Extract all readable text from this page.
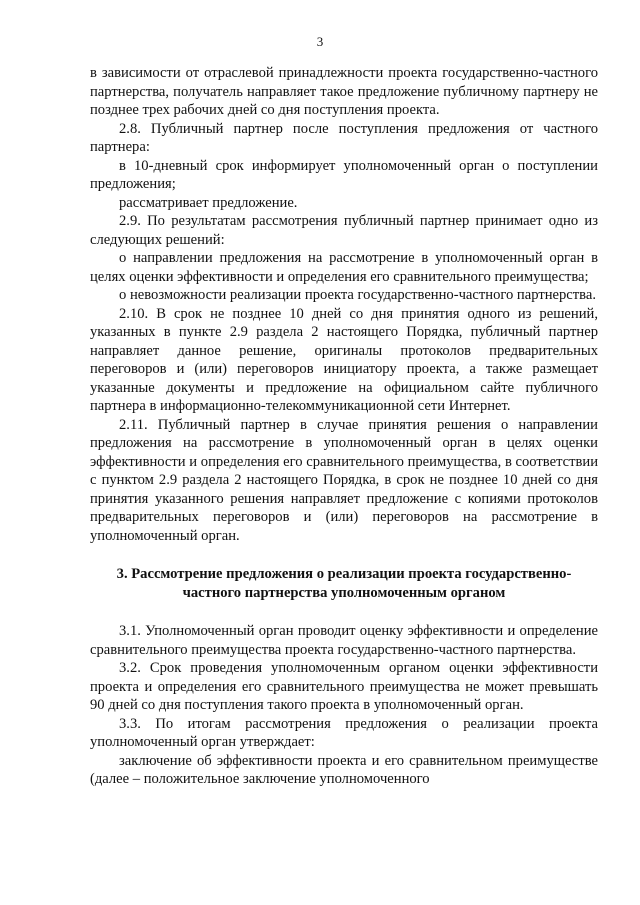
3

в зависимости от отраслевой принадлежности проекта государственно-частного партнерства, получатель направляет такое предложение публичному партнеру не позднее трех рабочих дней со дня поступления проекта.

2.8. Публичный партнер после поступления предложения от частного партнера:

в 10-дневный срок информирует уполномоченный орган о поступлении предложения;

рассматривает предложение.

2.9. По результатам рассмотрения публичный партнер принимает одно из следующих решений:

о направлении предложения на рассмотрение в уполномоченный орган в целях оценки эффективности и определения его сравнительного преимущества;

о невозможности реализации проекта государственно-частного партнерства.

2.10. В срок не позднее 10 дней со дня принятия одного из решений, указанных в пункте 2.9 раздела 2 настоящего Порядка, публичный партнер направляет данное решение, оригиналы протоколов предварительных переговоров и (или) переговоров инициатору проекта, а также размещает указанные документы и предложение на официальном сайте публичного партнера в информационно-телекоммуникационной сети Интернет.

2.11. Публичный партнер в случае принятия решения о направлении предложения на рассмотрение в уполномоченный орган в целях оценки эффективности и определения его сравнительного преимущества, в соответствии с пунктом 2.9 раздела 2 настоящего Порядка, в срок не позднее 10 дней со дня принятия указанного решения направляет предложение с копиями протоколов предварительных переговоров и (или) переговоров на рассмотрение в уполномоченный орган.

3. Рассмотрение предложения о реализации проекта государственно-частного партнерства уполномоченным органом

3.1. Уполномоченный орган проводит оценку эффективности и определение сравнительного преимущества проекта государственно-частного партнерства.

3.2. Срок проведения уполномоченным органом оценки эффективности проекта и определения его сравнительного преимущества не может превышать 90 дней со дня поступления такого проекта в уполномоченный орган.

3.3. По итогам рассмотрения предложения о реализации проекта уполномоченный орган утверждает:

заключение об эффективности проекта и его сравнительном преимуществе (далее – положительное заключение уполномоченного
